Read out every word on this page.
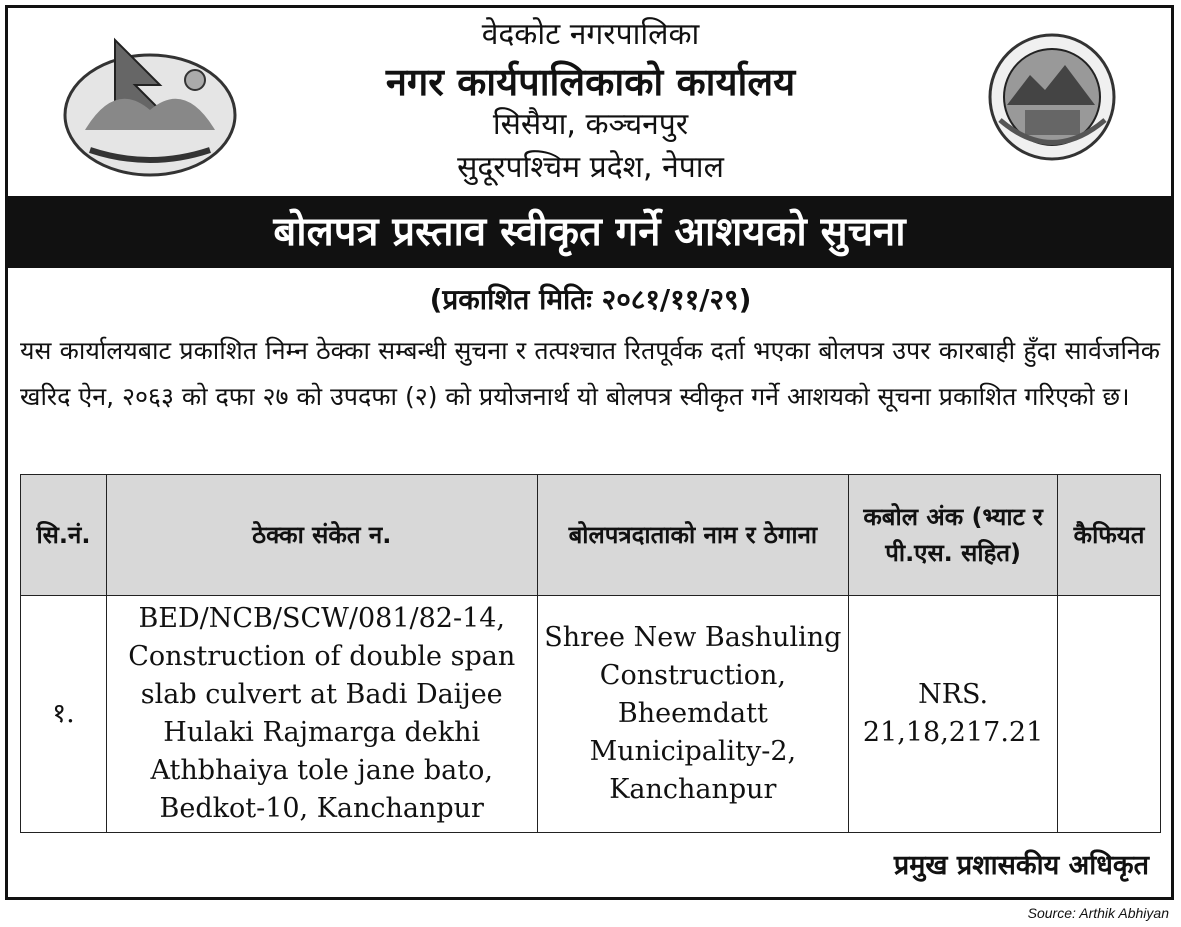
वेदकोट नगरपालिका
नगर कार्यपालिकाको कार्यालय
सिसैया, कञ्चनपुर
सुदूरपश्चिम प्रदेश, नेपाल
बोलपत्र प्रस्ताव स्वीकृत गर्ने आशयको सुचना
(प्रकाशित मितिः २०८१/११/२९)
यस कार्यालयबाट प्रकाशित निम्न ठेक्का सम्बन्धी सुचना र तत्पश्चात रितपूर्वक दर्ता भएका बोलपत्र उपर कारबाही हुँदा सार्वजनिक खरिद ऐन, २०६३ को दफा २७ को उपदफा (२) को प्रयोजनार्थ यो बोलपत्र स्वीकृत गर्ने आशयको सूचना प्रकाशित गरिएको छ।
सि.नं.	ठेक्का संकेत न.	बोलपत्रदाताको नाम र ठेगाना	कबोल अंक (भ्याट र पी.एस. सहित)	कैफियत
१.	BED/NCB/SCW/081/82-14, Construction of double span slab culvert at Badi Daijee Hulaki Rajmarga dekhi Athbhaiya tole jane bato, Bedkot-10, Kanchanpur	Shree New Bashuling Construction, Bheemdatt Municipality-2, Kanchanpur	NRS. 21,18,217.21	
प्रमुख प्रशासकीय अधिकृत
Source: Arthik Abhiyan
